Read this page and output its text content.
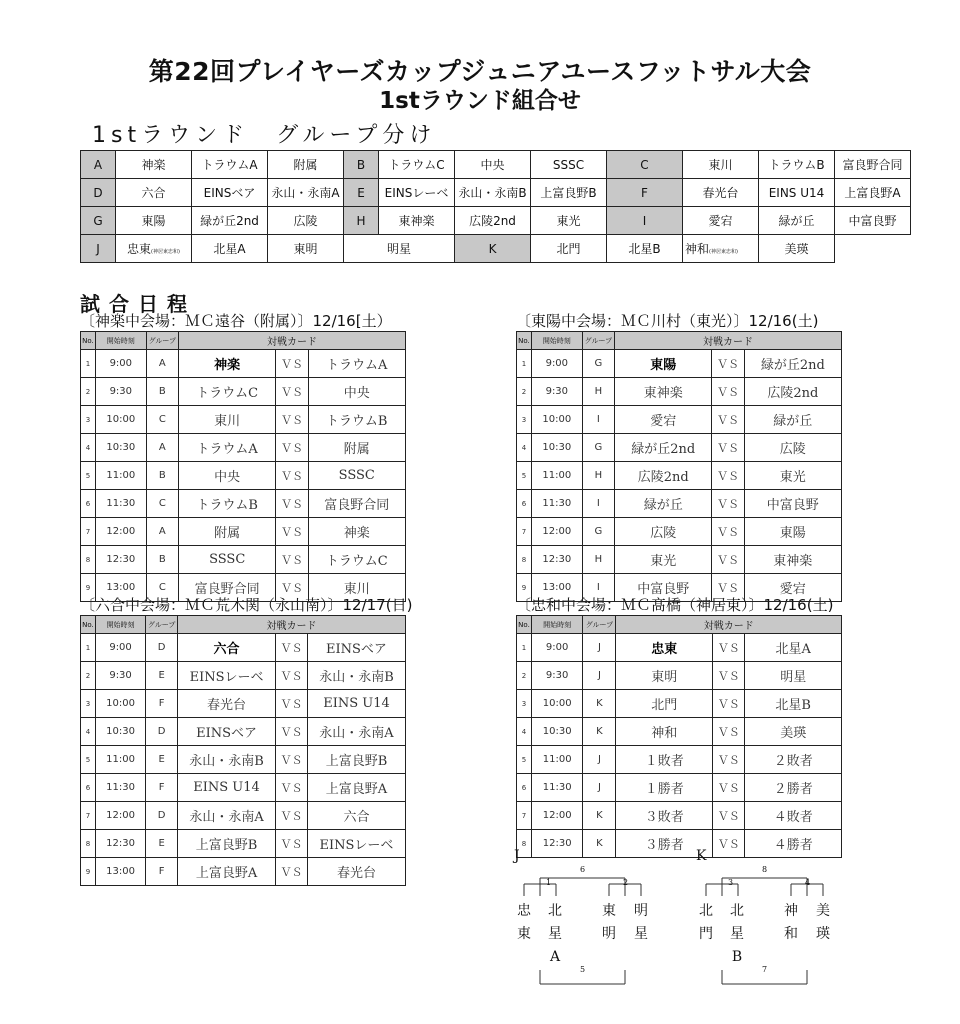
第22回プレイヤーズカップジュニアユースフットサル大会
1stラウンド組合せ
1stラウンド　グループ分け
A	神楽	トラウムA	附属	B	トラウムC	中央	SSSC	C	東川	トラウムB	富良野合同
D	六合	EINSベア	永山・永南A	E	EINSレーベ	永山・永南B	上富良野B	F	春光台	EINS U14	上富良野A
G	東陽	緑が丘2nd	広陵	H	東神楽	広陵2nd	東光	I	愛宕	緑が丘	中富良野
J	忠東(神居東忠和)	北星A	東明	明星		K	北門	北星B	神和(神居東忠和)	美瑛	
試合日程
〔神楽中会場：ＭＣ遠谷（附属）〕12/16[土）	〔東陽中会場：ＭＣ川村（東光）〕12/16(土)
〔六合中会場：ＭＣ荒木関（永山南）〕12/17(日)	〔忠和中会場：ＭＣ髙橋（神居東）〕12/16(土)
No.	開始時刻	グループ	対戦カード		
1	9:00	A	神楽	ＶＳ	トラウムA
2	9:30	B	トラウムC	ＶＳ	中央
3	10:00	C	東川	ＶＳ	トラウムB
4	10:30	A	トラウムA	ＶＳ	附属
5	11:00	B	中央	ＶＳ	SSSC
6	11:30	C	トラウムB	ＶＳ	富良野合同
7	12:00	A	附属	ＶＳ	神楽
8	12:30	B	SSSC	ＶＳ	トラウムC
9	13:00	C	富良野合同	ＶＳ	東川
No.	開始時刻	グループ	対戦カード		
1	9:00	G	東陽	ＶＳ	緑が丘2nd
2	9:30	H	東神楽	ＶＳ	広陵2nd
3	10:00	I	愛宕	ＶＳ	緑が丘
4	10:30	G	緑が丘2nd	ＶＳ	広陵
5	11:00	H	広陵2nd	ＶＳ	東光
6	11:30	I	緑が丘	ＶＳ	中富良野
7	12:00	G	広陵	ＶＳ	東陽
8	12:30	H	東光	ＶＳ	東神楽
9	13:00	I	中富良野	ＶＳ	愛宕
No.	開始時刻	グループ	対戦カード		
1	9:00	D	六合	ＶＳ	EINSベア
2	9:30	E	EINSレーベ	ＶＳ	永山・永南B
3	10:00	F	春光台	ＶＳ	EINS U14
4	10:30	D	EINSベア	ＶＳ	永山・永南A
5	11:00	E	永山・永南B	ＶＳ	上富良野B
6	11:30	F	EINS U14	ＶＳ	上富良野A
7	12:00	D	永山・永南A	ＶＳ	六合
8	12:30	E	上富良野B	ＶＳ	EINSレーベ
9	13:00	F	上富良野A	ＶＳ	春光台
No.	開始時刻	グループ	対戦カード		
1	9:00	J	忠東	ＶＳ	北星A
2	9:30	J	東明	ＶＳ	明星
3	10:00	K	北門	ＶＳ	北星B
4	10:30	K	神和	ＶＳ	美瑛
5	11:00	J	１敗者	ＶＳ	２敗者
6	11:30	J	１勝者	ＶＳ	２勝者
7	12:00	K	３敗者	ＶＳ	４敗者
8	12:30	K	３勝者	ＶＳ	４勝者
J
6
1	2
5
忠
東
北
星
A
東
明
明
星
K
8
3	4
7
北
門
北
星
B
神
和
美
瑛
